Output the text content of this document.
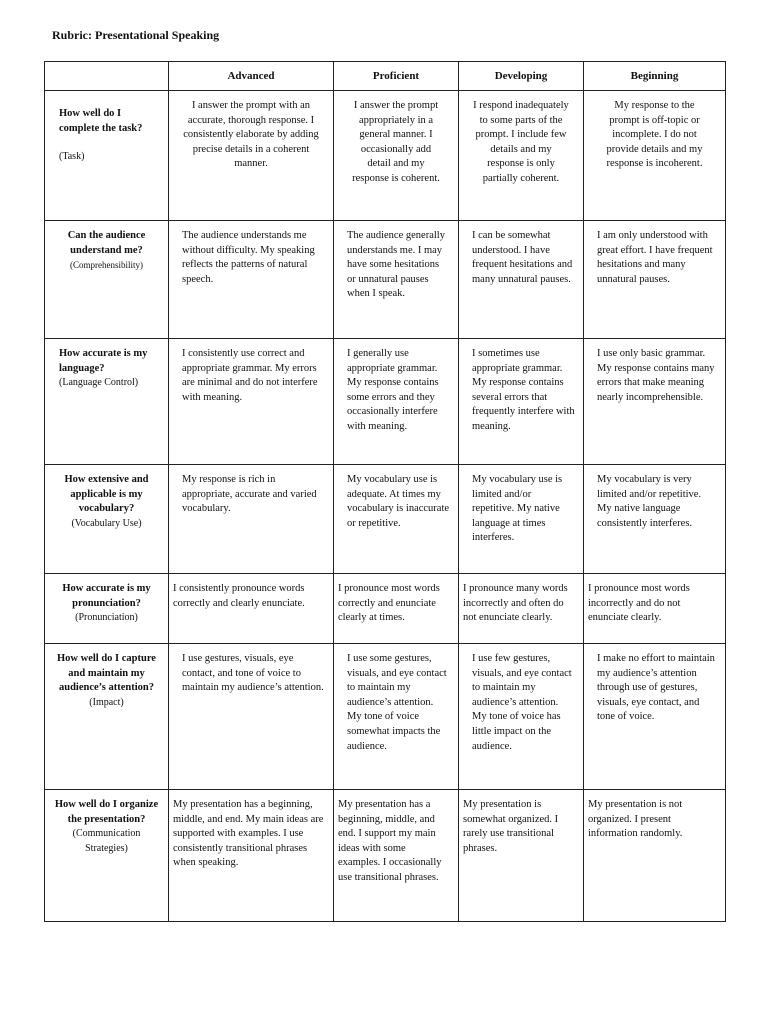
Rubric: Presentational Speaking
	Advanced	Proficient	Developing	Beginning

How well do I complete the task?
(Task)	I answer the prompt with an accurate, thorough response. I consistently elaborate by adding precise details in a coherent manner.	I answer the prompt appropriately in a general manner. I occasionally add detail and my response is coherent.	I respond inadequately to some parts of the prompt. I include few details and my response is only partially coherent.	My response to the prompt is off-topic or incomplete. I do not provide details and my response is incoherent.

Can the audience understand me?
(Comprehensibility)	The audience understands me without difficulty. My speaking reflects the patterns of natural speech.	The audience generally understands me. I may have some hesitations or unnatural pauses when I speak.	I can be somewhat understood. I have frequent hesitations and many unnatural pauses.	I am only understood with great effort. I have frequent hesitations and many unnatural pauses.

How accurate is my language?
(Language Control)	I consistently use correct and appropriate grammar. My errors are minimal and do not interfere with meaning.	I generally use appropriate grammar. My response contains some errors and they occasionally interfere with meaning.	I sometimes use appropriate grammar. My response contains several errors that frequently interfere with meaning.	I use only basic grammar. My response contains many errors that make meaning nearly incomprehensible.

How extensive and applicable is my vocabulary?
(Vocabulary Use)	My response is rich in appropriate, accurate and varied vocabulary.	My vocabulary use is adequate. At times my vocabulary is inaccurate or repetitive.	My vocabulary use is limited and/or repetitive. My native language at times interferes.	My vocabulary is very limited and/or repetitive. My native language consistently interferes.

How accurate is my pronunciation?
(Pronunciation)	I consistently pronounce words correctly and clearly enunciate.	I pronounce most words correctly and enunciate clearly at times.	I pronounce many words incorrectly and often do not enunciate clearly.	I pronounce most words incorrectly and do not enunciate clearly.

How well do I capture and maintain my audience’s attention?
(Impact)	I use gestures, visuals, eye contact, and tone of voice to maintain my audience’s attention.	I use some gestures, visuals, and eye contact to maintain my audience’s attention. My tone of voice somewhat impacts the audience.	I use few gestures, visuals, and eye contact to maintain my audience’s attention. My tone of voice has little impact on the audience.	I make no effort to maintain my audience’s attention through use of gestures, visuals, eye contact, and tone of voice.

How well do I organize the presentation?
(Communication Strategies)	My presentation has a beginning, middle, and end. My main ideas are supported with examples. I use consistently transitional phrases when speaking.	My presentation has a beginning, middle, and end. I support my main ideas with some examples. I occasionally use transitional phrases.	My presentation is somewhat organized. I rarely use transitional phrases.	My presentation is not organized. I present information randomly.
